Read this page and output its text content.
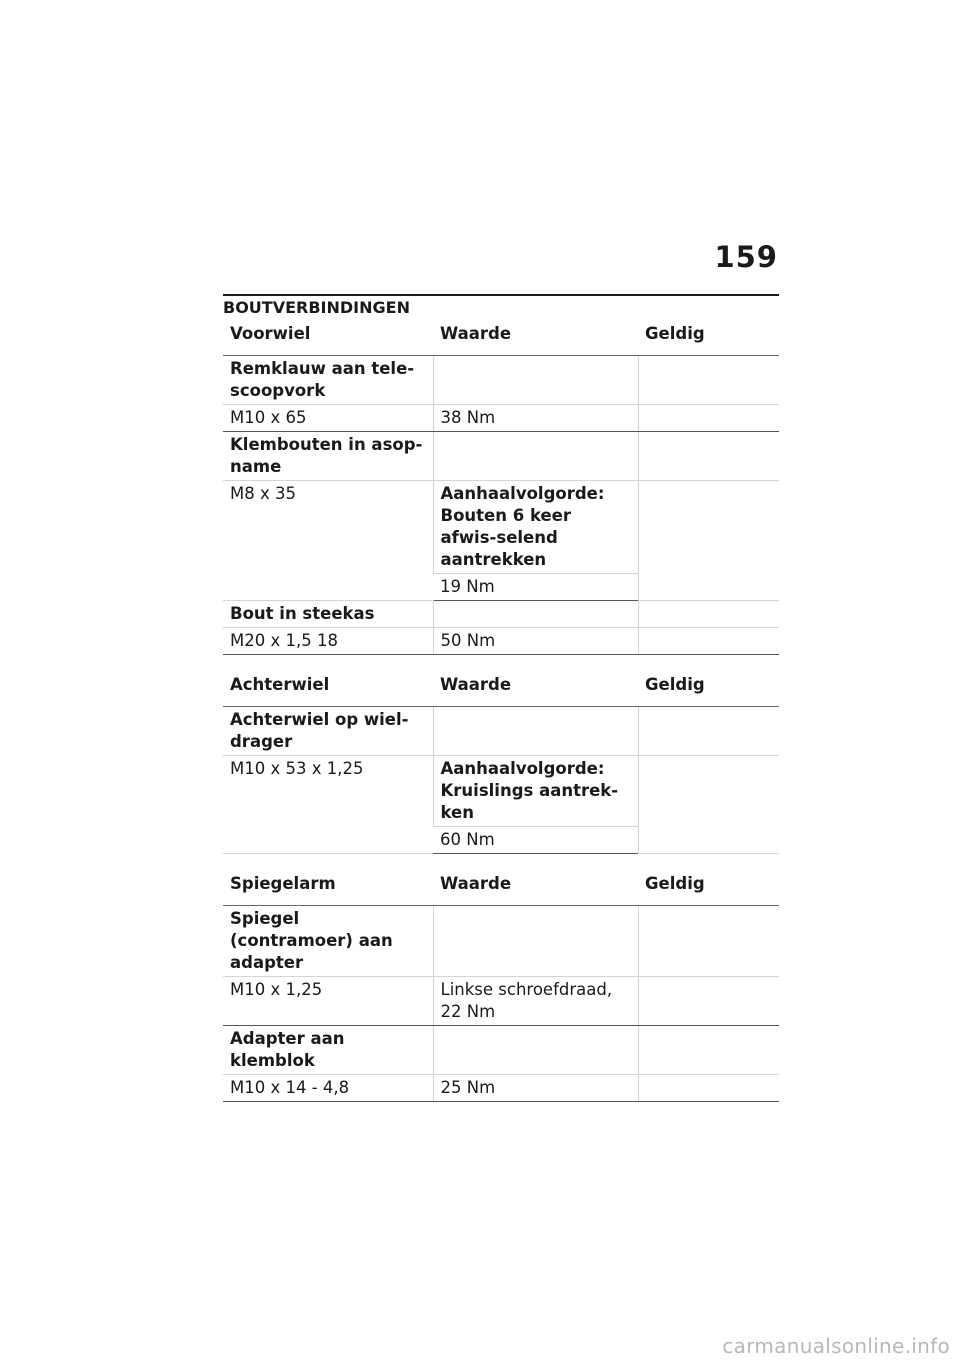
159
BOUTVERBINDINGEN
Voorwiel	Waarde	Geldig
Remklauw aan tele-scoopvork		
M10 x 65	38 Nm	
Klembouten in asop-name		
M8 x 35	Aanhaalvolgorde: Bouten 6 keer afwis-selend aantrekken	
	19 Nm	
Bout in steekas		
M20 x 1,5 18	50 Nm	
Achterwiel	Waarde	Geldig
Achterwiel op wiel-drager		
M10 x 53 x 1,25	Aanhaalvolgorde: Kruislings aantrek-ken	
	60 Nm	
Spiegelarm	Waarde	Geldig
Spiegel (contramoer) aan adapter		
M10 x 1,25	Linkse schroefdraad, 22 Nm	
Adapter aan klemblok		
M10 x 14 - 4,8	25 Nm	
carmanualsonline.info
